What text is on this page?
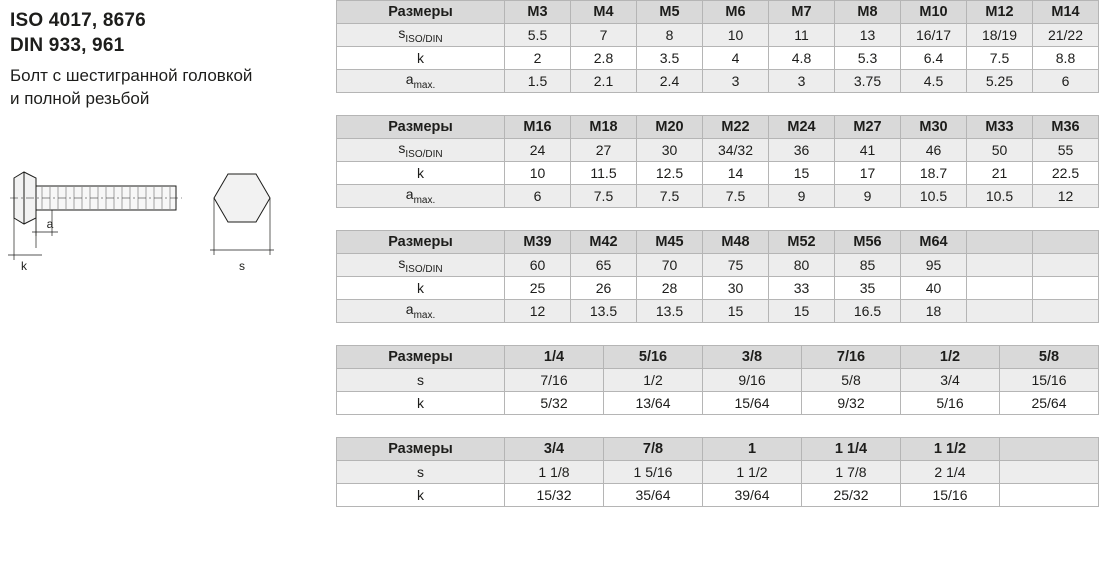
ISO 4017, 8676
DIN 933, 961
Болт с шестигранной головкой
и полной резьбой
k
a
s
Размеры	M3	M4	M5	M6	M7	M8	M10	M12	M14
$s_{ISO/DIN}$	5.5	7	8	10	11	13	16/17	18/19	21/22
k	2	2.8	3.5	4	4.8	5.3	6.4	7.5	8.8
$a_{max.}$	1.5	2.1	2.4	3	3	3.75	4.5	5.25	6
Размеры	M16	M18	M20	M22	M24	M27	M30	M33	M36
$s_{ISO/DIN}$	24	27	30	34/32	36	41	46	50	55
k	10	11.5	12.5	14	15	17	18.7	21	22.5
$a_{max.}$	6	7.5	7.5	7.5	9	9	10.5	10.5	12
Размеры	M39	M42	M45	M48	M52	M56	M64		
$s_{ISO/DIN}$	60	65	70	75	80	85	95		
k	25	26	28	30	33	35	40		
$a_{max.}$	12	13.5	13.5	15	15	16.5	18		
Размеры	1/4	5/16	3/8	7/16	1/2	5/8
s	7/16	1/2	9/16	5/8	3/4	15/16
k	5/32	13/64	15/64	9/32	5/16	25/64
Размеры	3/4	7/8	1	1 1/4	1 1/2	
s	1 1/8	1 5/16	1 1/2	1 7/8	2 1/4	
k	15/32	35/64	39/64	25/32	15/16	
